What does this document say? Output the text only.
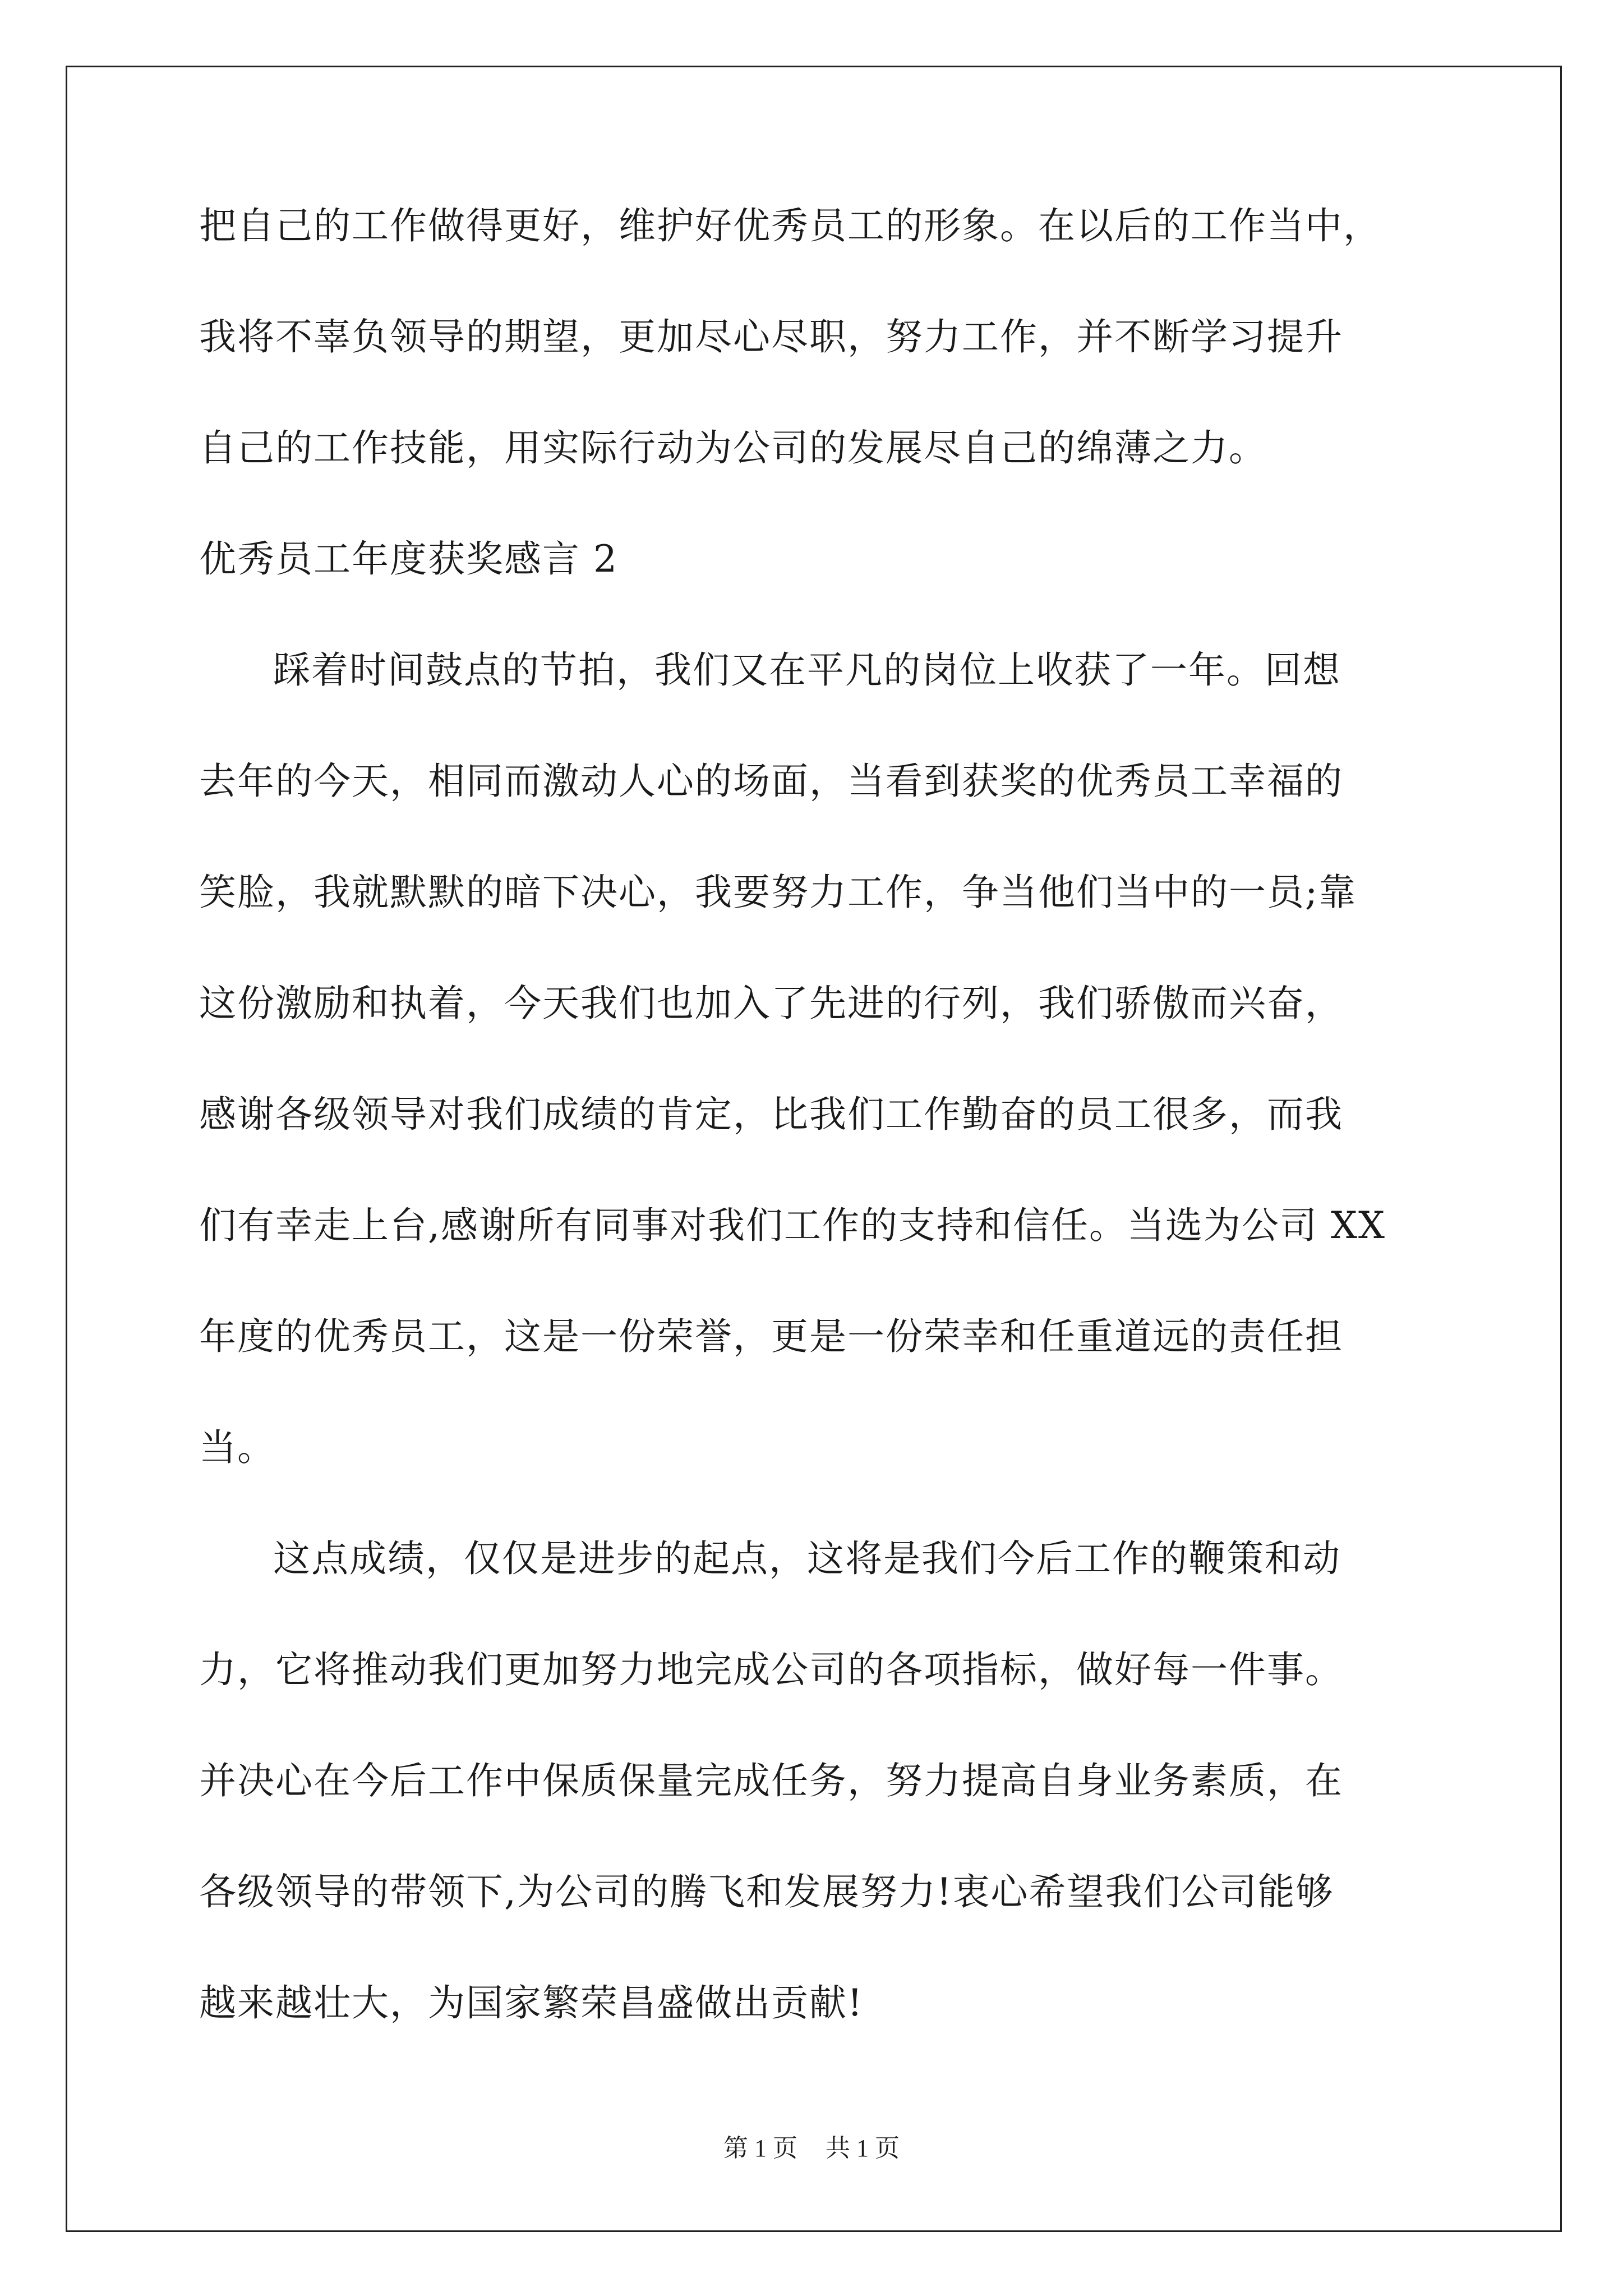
把自己的工作做得更好，维护好优秀员工的形象。在以后的工作当中，
我将不辜负领导的期望，更加尽心尽职，努力工作，并不断学习提升
自己的工作技能，用实际行动为公司的发展尽自己的绵薄之力。
优秀员工年度获奖感言 2
踩着时间鼓点的节拍，我们又在平凡的岗位上收获了一年。回想
去年的今天，相同而激动人心的场面，当看到获奖的优秀员工幸福的
笑脸，我就默默的暗下决心，我要努力工作，争当他们当中的一员;靠
这份激励和执着，今天我们也加入了先进的行列，我们骄傲而兴奋，
感谢各级领导对我们成绩的肯定，比我们工作勤奋的员工很多，而我
们有幸走上台,感谢所有同事对我们工作的支持和信任。当选为公司 XX
年度的优秀员工，这是一份荣誉，更是一份荣幸和任重道远的责任担
当。
这点成绩，仅仅是进步的起点，这将是我们今后工作的鞭策和动
力，它将推动我们更加努力地完成公司的各项指标，做好每一件事。
并决心在今后工作中保质保量完成任务，努力提高自身业务素质，在
各级领导的带领下,为公司的腾飞和发展努力!衷心希望我们公司能够
越来越壮大，为国家繁荣昌盛做出贡献!
第 1 页 共 1 页
